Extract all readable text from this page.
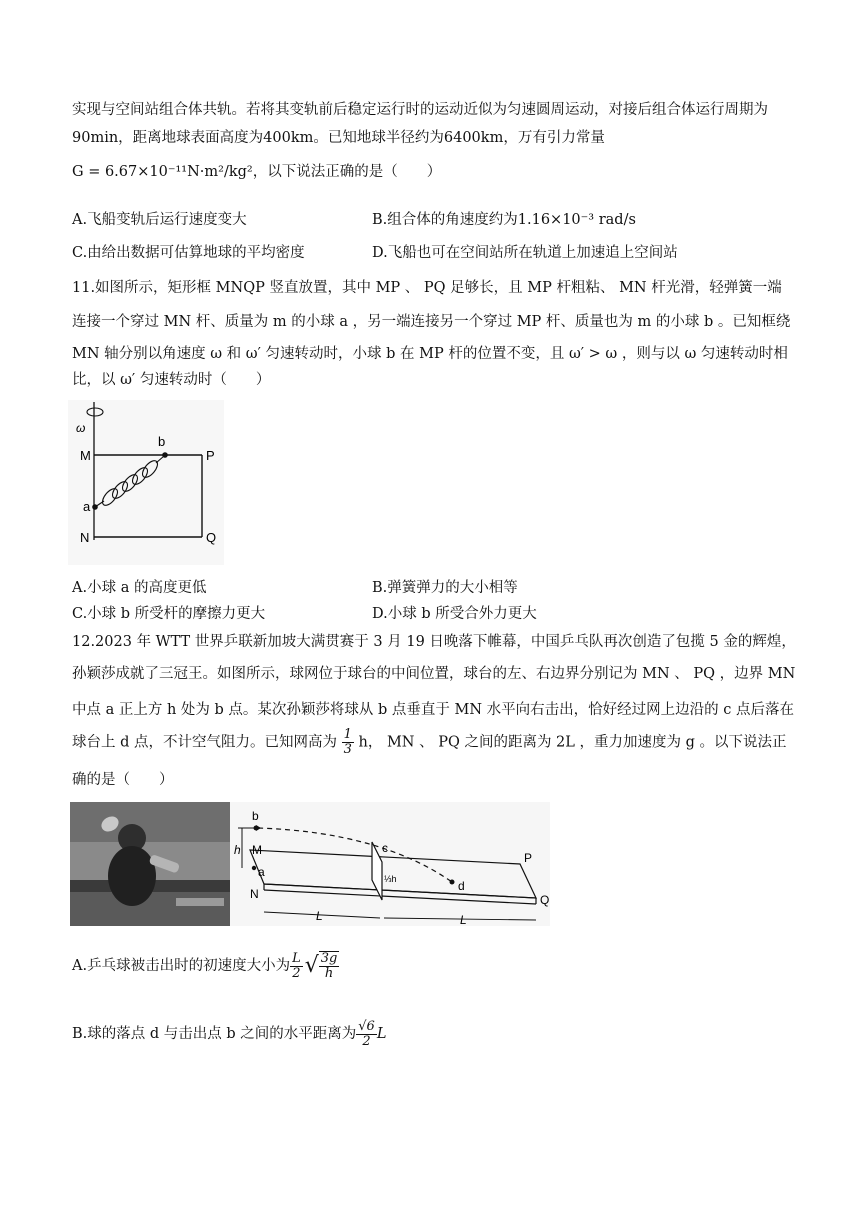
实现与空间站组合体共轨。若将其变轨前后稳定运行时的运动近似为匀速圆周运动，对接后组合体运行周期为
90min，距离地球表面高度为400km。已知地球半径约为6400km，万有引力常量
G = 6.67×10⁻¹¹N·m²/kg²，以下说法正确的是（　　）
A.飞船变轨后运行速度变大	B.组合体的角速度约为1.16×10⁻³ rad/s
C.由给出数据可估算地球的平均密度	D.飞船也可在空间站所在轨道上加速追上空间站
11.如图所示，矩形框 MNQP 竖直放置，其中 MP 、 PQ 足够长，且 MP 杆粗粘、 MN 杆光滑，轻弹簧一端
连接一个穿过 MN 杆、质量为 m 的小球 a ，另一端连接另一个穿过 MP 杆、质量也为 m 的小球 b 。已知框绕
MN 轴分别以角速度 ω 和 ω′ 匀速转动时，小球 b 在 MP 杆的位置不变，且 ω′ > ω ，则与以 ω 匀速转动时相
比，以 ω′ 匀速转动时（　　）
ω
M
N
P
Q
b
a
A.小球 a 的高度更低	B.弹簧弹力的大小相等
C.小球 b 所受杆的摩擦力更大	D.小球 b 所受合外力更大
12.2023 年 WTT 世界乒联新加坡大满贯赛于 3 月 19 日晚落下帷幕，中国乒乓队再次创造了包揽 5 金的辉煌，
孙颖莎成就了三冠王。如图所示，球网位于球台的中间位置，球台的左、右边界分别记为 MN 、 PQ ，边界 MN
中点 a 正上方 h 处为 b 点。某次孙颖莎将球从 b 点垂直于 MN 水平向右击出，恰好经过网上边沿的 c 点后落在
球台上 d 点，不计空气阻力。已知网高为 $\frac{1}{3}$ h， MN 、 PQ 之间的距离为 2L ，重力加速度为 g 。以下说法正
确的是（　　）
b
h M
a
N
P
Q
d
c
⅓h
L	L
A.乒乓球被击出时的初速度大小为 $\frac{L}{2}$ √ $\frac{3g}{h}$
B.球的落点 d 与击出点 b 之间的水平距离为 $\frac{√6}{2}$ L
